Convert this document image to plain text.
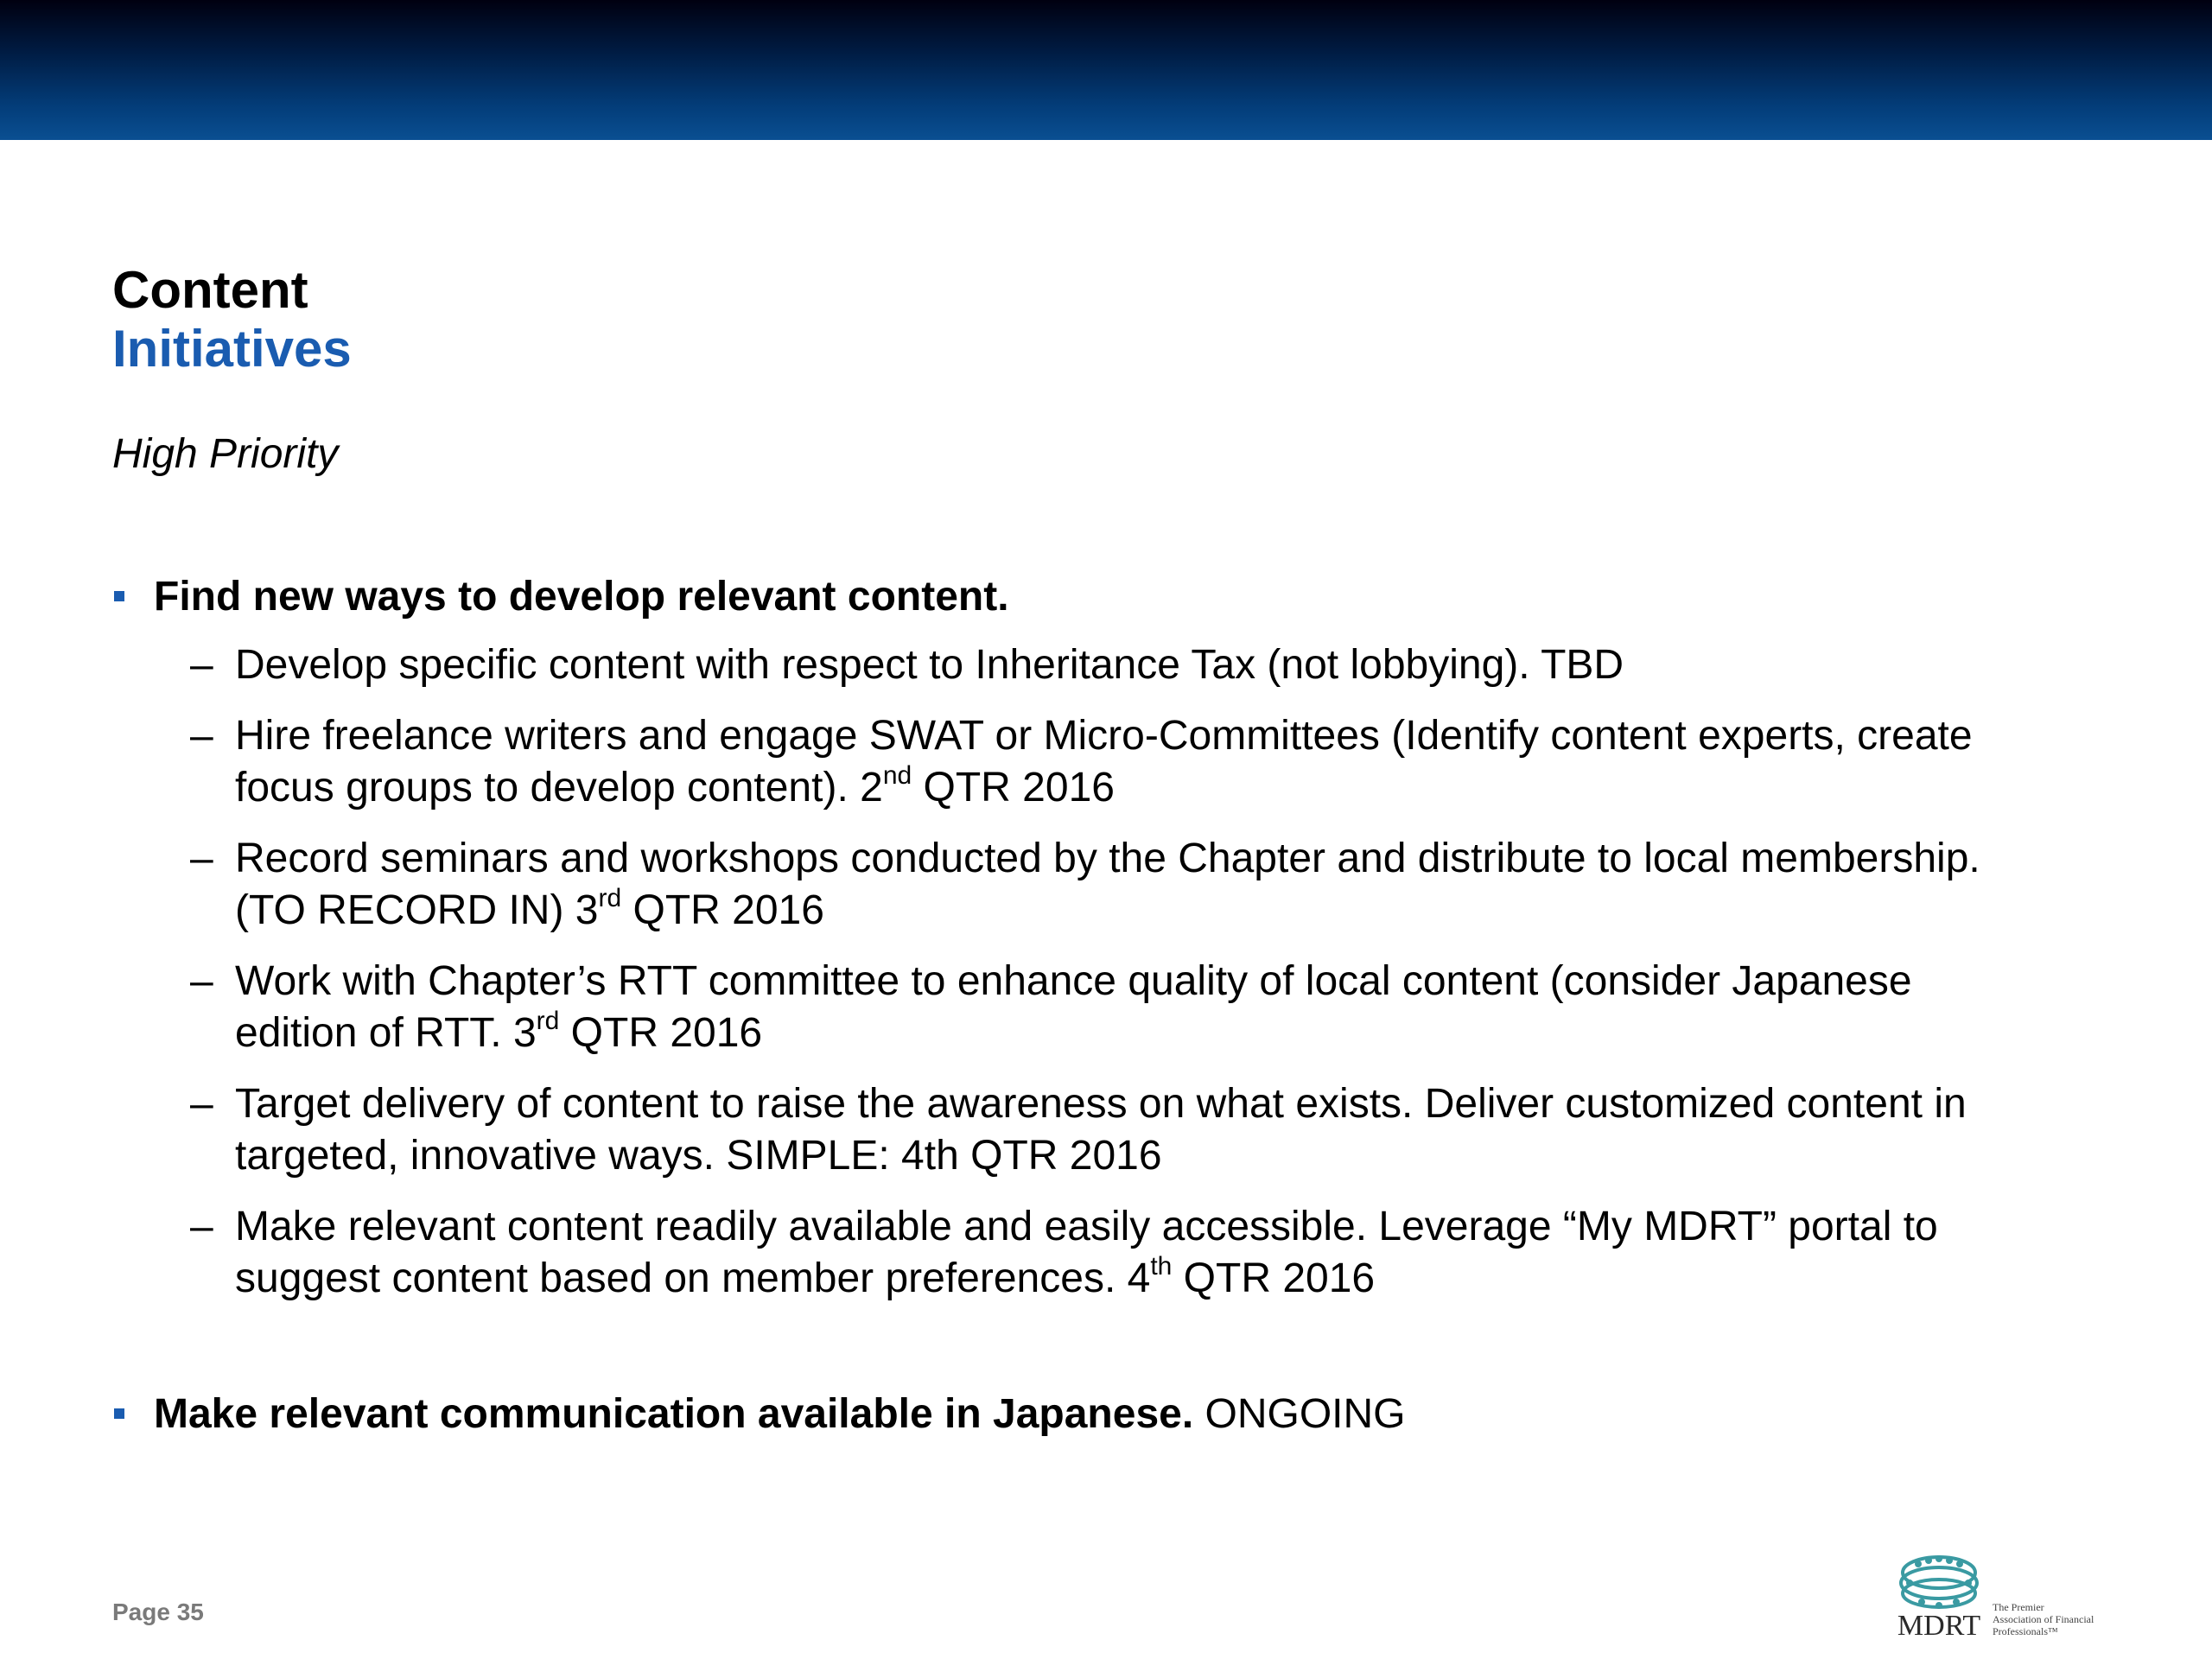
Content
Initiatives
High Priority
Find new ways to develop relevant content.
– Develop specific content with respect to Inheritance Tax (not lobbying). TBD
– Hire freelance writers and engage SWAT or Micro-Committees (Identify content experts, create
focus groups to develop content). 2nd QTR 2016
– Record seminars and workshops conducted by the Chapter and distribute to local membership.
(TO RECORD IN) 3rd QTR 2016
– Work with Chapter’s RTT committee to enhance quality of local content (consider Japanese
edition of RTT. 3rd QTR 2016
– Target delivery of content to raise the awareness on what exists. Deliver customized content in
targeted, innovative ways. SIMPLE: 4th QTR 2016
– Make relevant content readily available and easily accessible. Leverage “My MDRT” portal to
suggest content based on member preferences. 4th QTR 2016
Make relevant communication available in Japanese. ONGOING
Page 35	MDRT
The Premier
Association of Financial
Professionals™
